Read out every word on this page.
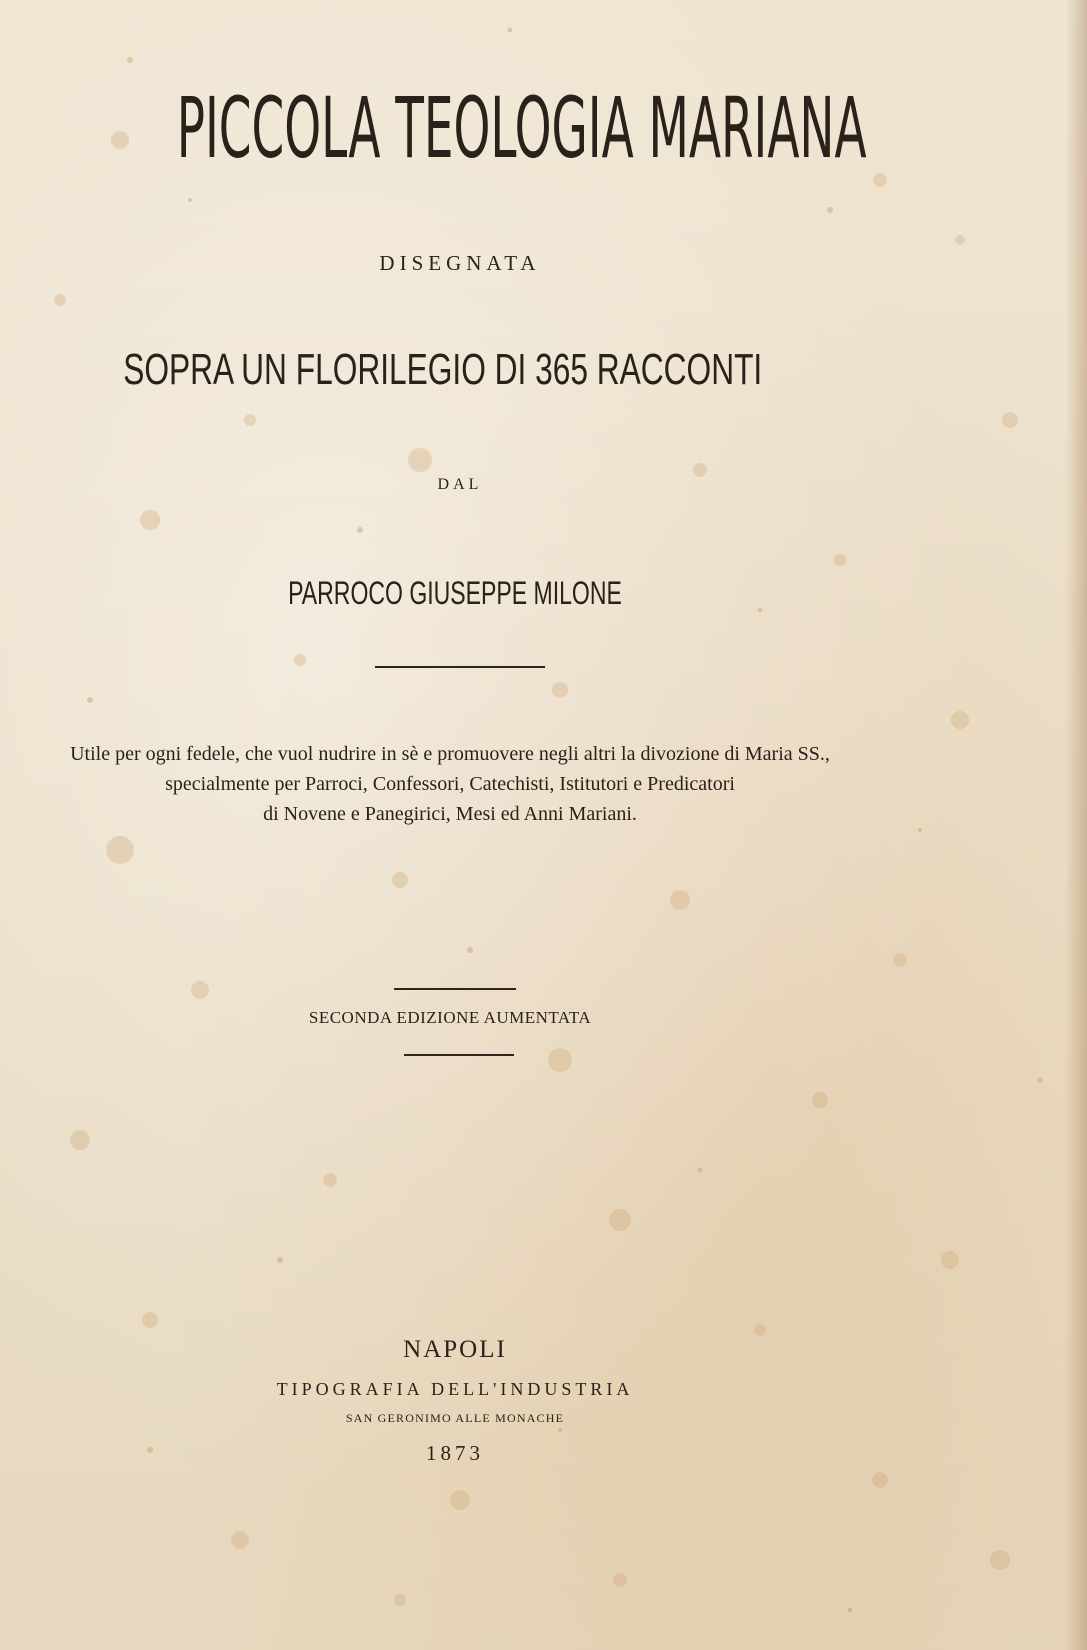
PICCOLA TEOLOGIA MARIANA
DISEGNATA
SOPRA UN FLORILEGIO DI 365 RACCONTI
DAL
PARROCO GIUSEPPE MILONE
Utile per ogni fedele, che vuol nudrire in sè e promuovere negli altri la divozione di Maria SS.,
specialmente per Parroci, Confessori, Catechisti, Istitutori e Predicatori
di Novene e Panegirici, Mesi ed Anni Mariani.
SECONDA EDIZIONE AUMENTATA
NAPOLI
TIPOGRAFIA DELL'INDUSTRIA
SAN GERONIMO ALLE MONACHE
1873
